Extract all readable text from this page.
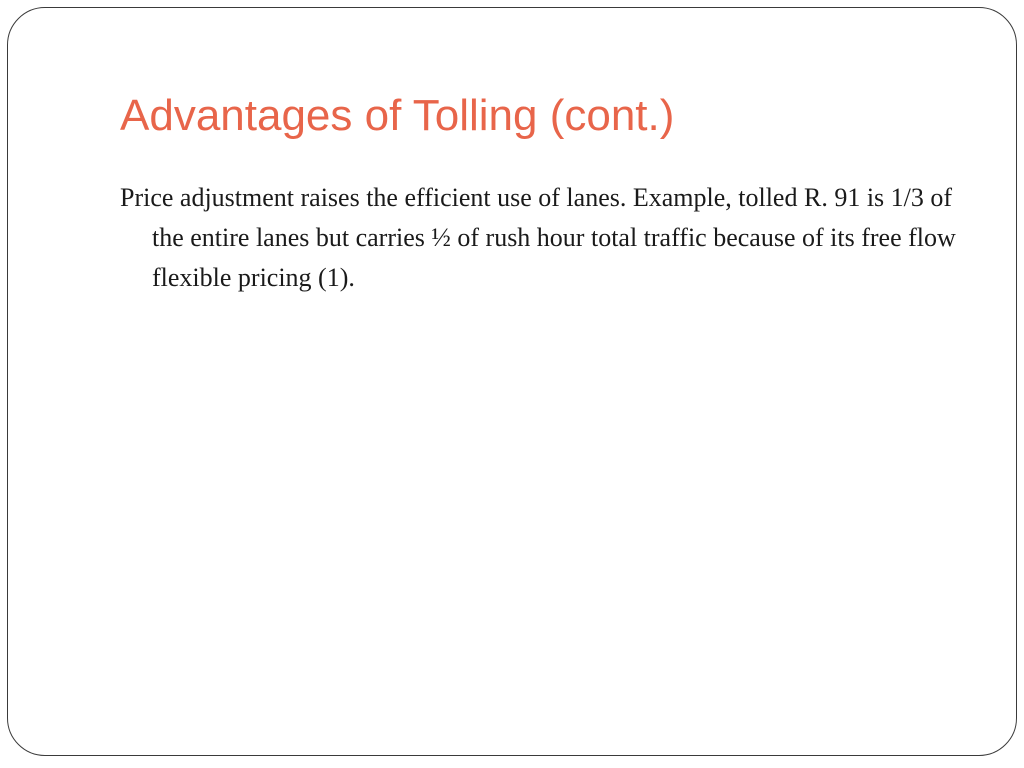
Advantages of Tolling (cont.)
Price adjustment raises the efficient use of lanes. Example, tolled R. 91 is 1/3 of the entire lanes but carries ½ of rush hour total traffic because of its free flow flexible pricing (1).
